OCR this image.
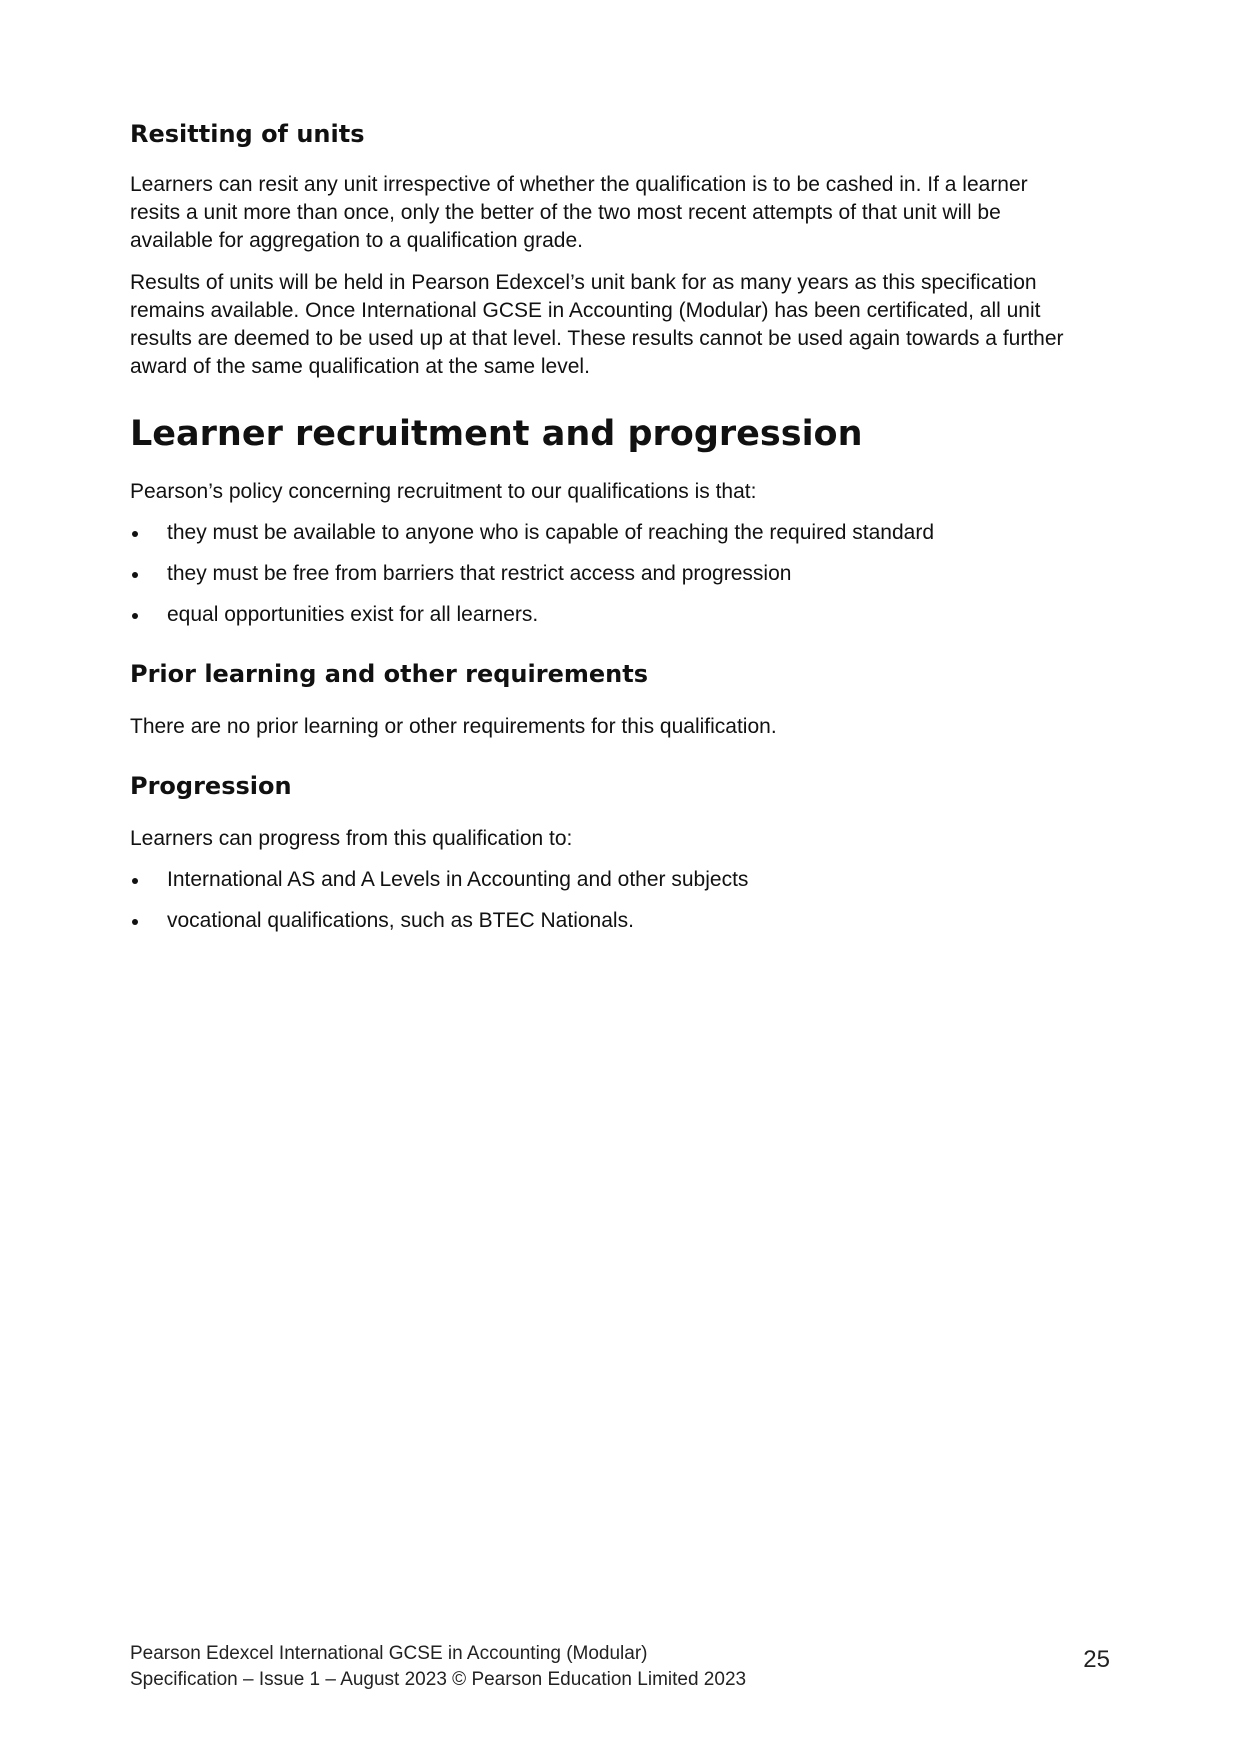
Resitting of units

Learners can resit any unit irrespective of whether the qualification is to be cashed in. If a learner
resits a unit more than once, only the better of the two most recent attempts of that unit will be
available for aggregation to a qualification grade.

Results of units will be held in Pearson Edexcel’s unit bank for as many years as this specification
remains available. Once International GCSE in Accounting (Modular) has been certificated, all unit
results are deemed to be used up at that level. These results cannot be used again towards a further
award of the same qualification at the same level.

Learner recruitment and progression

Pearson’s policy concerning recruitment to our qualifications is that:

they must be available to anyone who is capable of reaching the required standard
they must be free from barriers that restrict access and progression
equal opportunities exist for all learners.
Prior learning and other requirements

There are no prior learning or other requirements for this qualification.

Progression

Learners can progress from this qualification to:

International AS and A Levels in Accounting and other subjects
vocational qualifications, such as BTEC Nationals.
Pearson Edexcel International GCSE in Accounting (Modular)
Specification – Issue 1 – August 2023 © Pearson Education Limited 2023
25
